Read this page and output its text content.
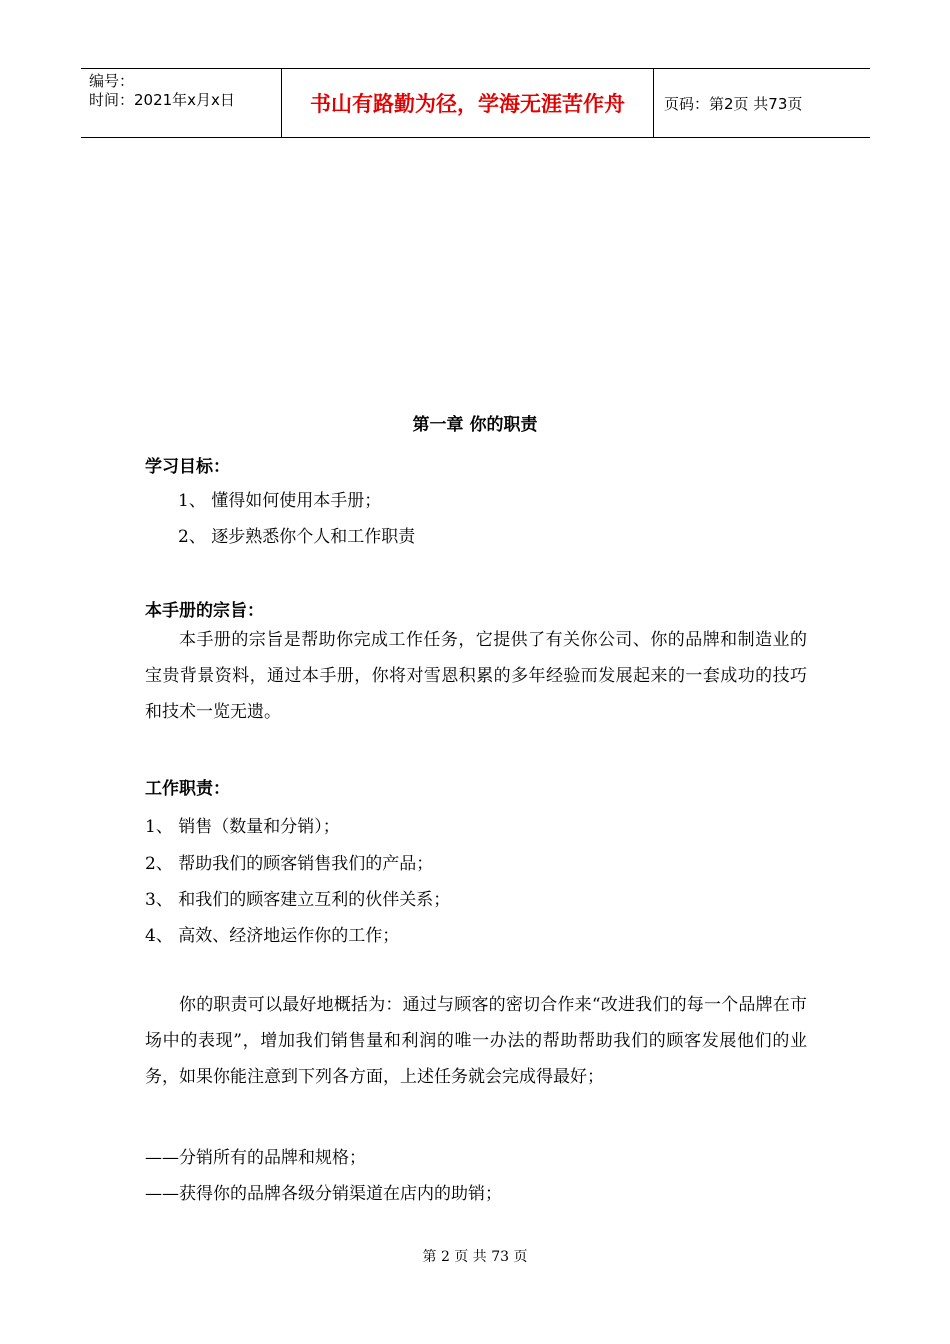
编号：
时间：2021年x月x日	书山有路勤为径，学海无涯苦作舟	页码：第2页 共73页
第一章 你的职责
学习目标：
1、 懂得如何使用本手册；
2、 逐步熟悉你个人和工作职责
本手册的宗旨：
本手册的宗旨是帮助你完成工作任务，它提供了有关你公司、你的品牌和制造业的宝贵背景资料，通过本手册，你将对雪恩积累的多年经验而发展起来的一套成功的技巧和技术一览无遗。
工作职责：
1、 销售（数量和分销）；
2、 帮助我们的顾客销售我们的产品；
3、 和我们的顾客建立互利的伙伴关系；
4、 高效、经济地运作你的工作；
你的职责可以最好地概括为：通过与顾客的密切合作来“改进我们的每一个品牌在市场中的表现”，增加我们销售量和利润的唯一办法的帮助帮助我们的顾客发展他们的业务，如果你能注意到下列各方面，上述任务就会完成得最好；
——分销所有的品牌和规格；
——获得你的品牌各级分销渠道在店内的助销；
第 2 页 共 73 页
